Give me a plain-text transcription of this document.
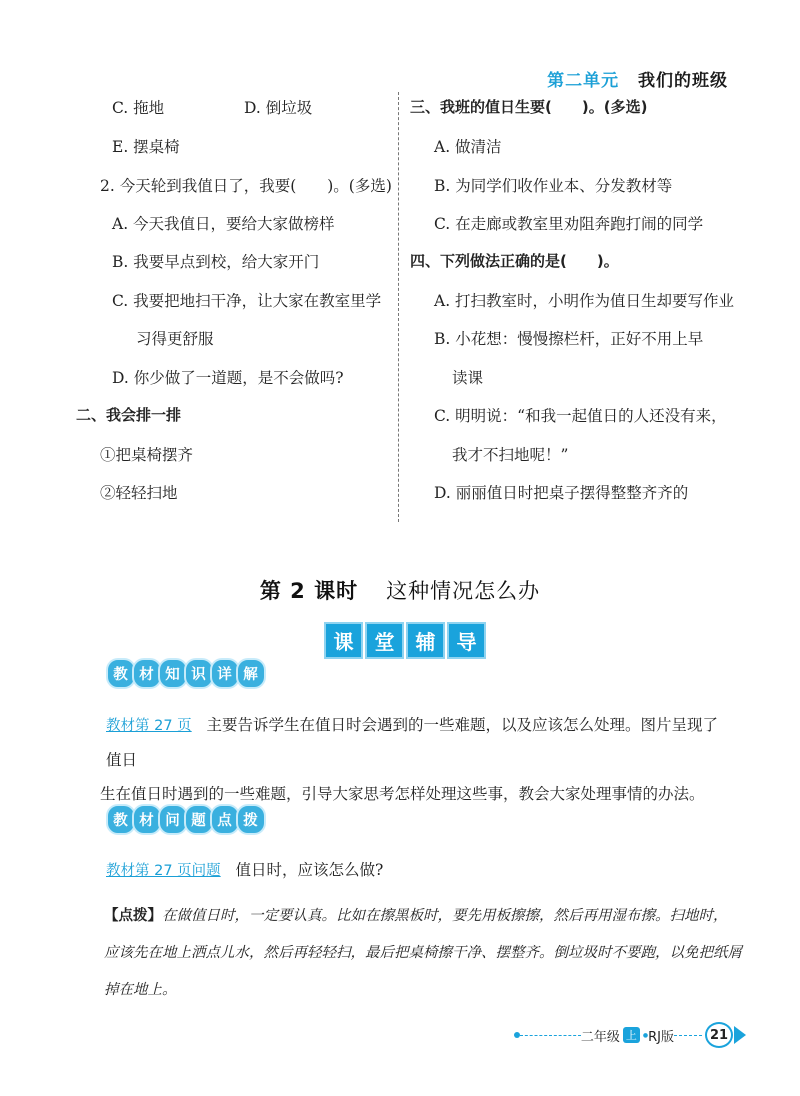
第二单元 我们的班级
C. 拖地	D. 倒垃圾
E. 摆桌椅
2. 今天轮到我值日了，我要(　　)。(多选)
A. 今天我值日，要给大家做榜样
B. 我要早点到校，给大家开门
C. 我要把地扫干净，让大家在教室里学
习得更舒服
D. 你少做了一道题，是不会做吗?
二、我会排一排
①把桌椅摆齐
②轻轻扫地
三、我班的值日生要(　　)。(多选)
A. 做清洁
B. 为同学们收作业本、分发教材等
C. 在走廊或教室里劝阻奔跑打闹的同学
四、下列做法正确的是(　　)。
A. 打扫教室时，小明作为值日生却要写作业
B. 小花想：慢慢擦栏杆，正好不用上早
读课
C. 明明说：“和我一起值日的人还没有来，
我才不扫地呢！”
D. 丽丽值日时把桌子摆得整整齐齐的
第 2 课时 这种情况怎么办
课	堂	辅	导
教 材 知 识 详 解
教材第 27 页 主要告诉学生在值日时会遇到的一些难题，以及应该怎么处理。图片呈现了值日
生在值日时遇到的一些难题，引导大家思考怎样处理这些事，教会大家处理事情的办法。
教 材 问 题 点 拨
教材第 27 页问题 值日时，应该怎么做?
【点拨】在做值日时，一定要认真。比如在擦黑板时，要先用板擦擦，然后再用湿布擦。扫地时，
应该先在地上洒点儿水，然后再轻轻扫，最后把桌椅擦干净、摆整齐。倒垃圾时不要跑，以免把纸屑
掉在地上。
二年级 上	● RJ版	21
